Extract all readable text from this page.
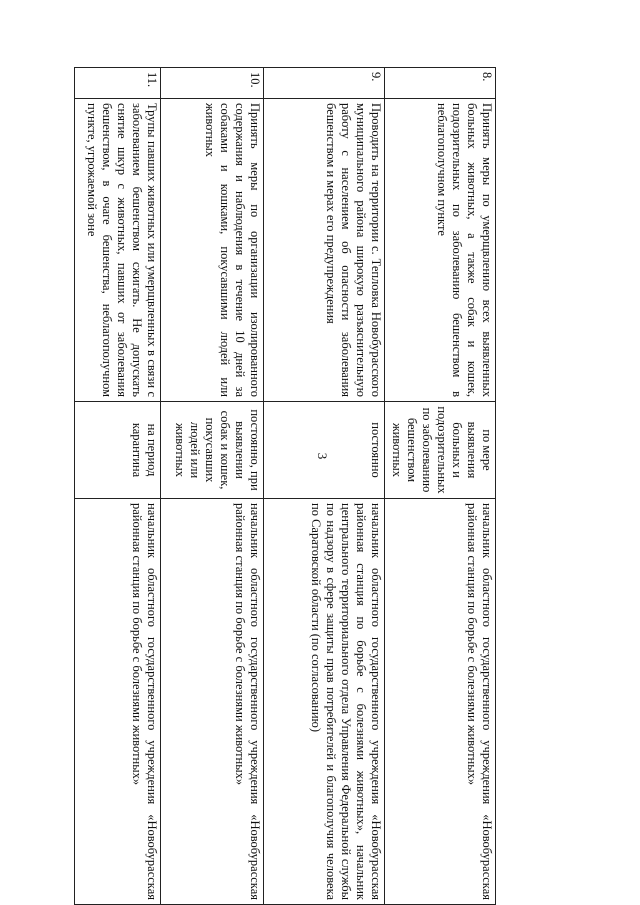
3
8.	Принять меры по умерщвлению всех выявленных больных животных, а также собак и кошек, подозрительных по заболеванию бешенством в неблагополучном пункте	по мере выявления больных и подозрительных по заболеванию бешенством животных	начальник областного государственного учреждения «Новобурасская районная станция по борьбе с болезнями животных»
9.	Проводить на территории с. Тепловка Новобурасского муниципального района широкую разъяснительную работу с населением об опасности заболевания бешенством и мерах его предупреждения	постоянно	начальник областного государственного учреждения «Новобурасская районная станция по борьбе с болезнями животных», начальник центрального территориального отдела Управления Федеральной службы по надзору в сфере защиты прав потребителей и благополучия человека по Саратовской области (по согласованию)
10.	Принять меры по организации изолированного содержания и наблюдения в течение 10 дней за собаками и кошками, покусавшими людей или животных	постоянно, при выявлении собак и кошек, покусавших людей или животных	начальник областного государственного учреждения «Новобурасская районная станция по борьбе с болезнями животных»
11.	Трупы павших животных или умерщвленных в связи с заболеванием бешенством сжигать. Не допускать снятие шкур с животных, павших от заболевания бешенством, в очаге бешенства, неблагополучном пункте, угрожаемой зоне	на период карантина	начальник областного государственного учреждения «Новобурасская районная станция по борьбе с болезнями животных»
